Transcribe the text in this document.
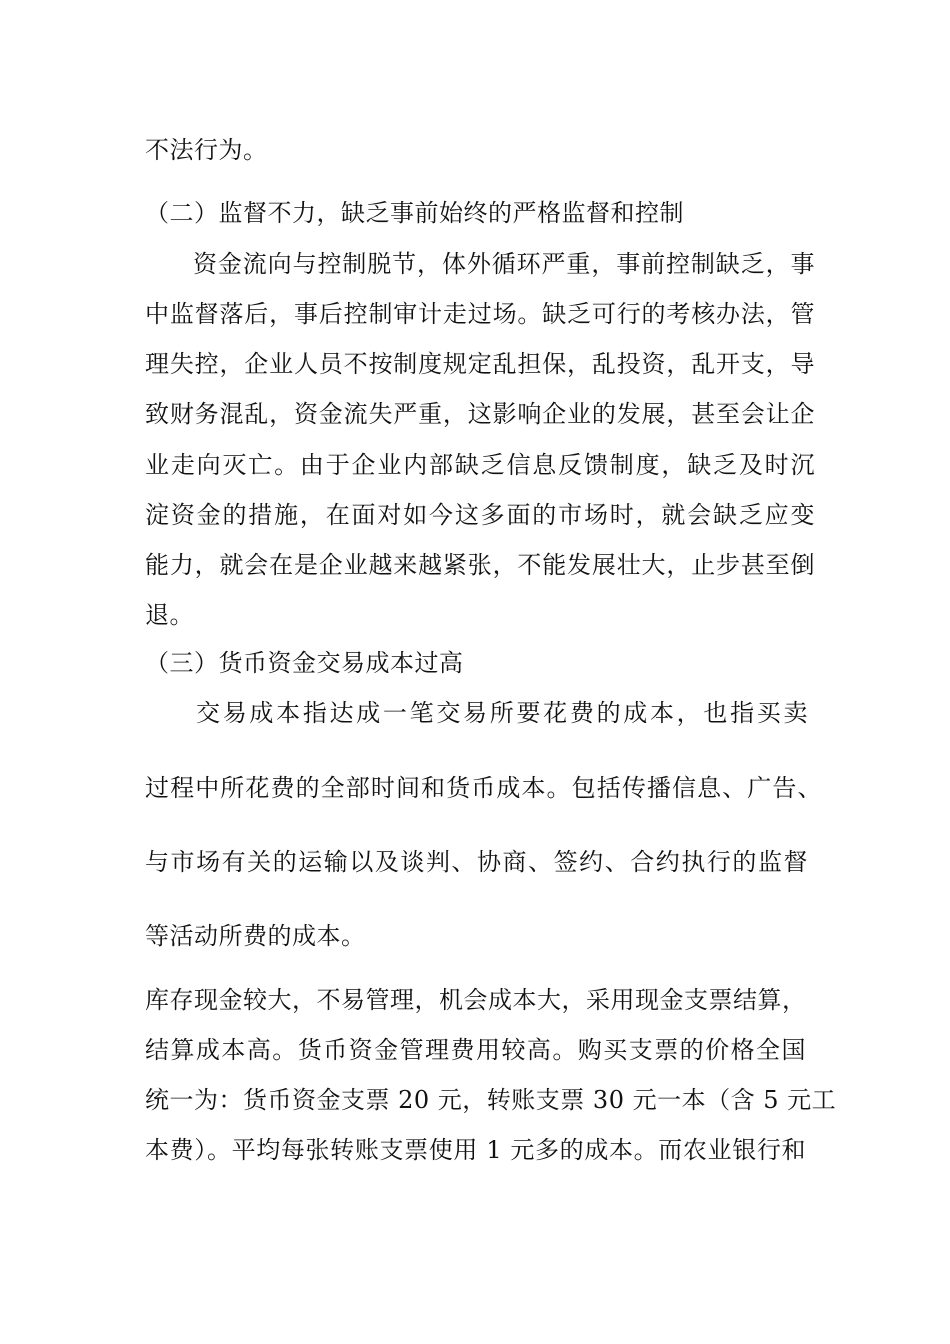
不法行为。
（二）监督不力，缺乏事前始终的严格监督和控制
资金流向与控制脱节，体外循环严重，事前控制缺乏，事
中监督落后，事后控制审计走过场。缺乏可行的考核办法，管
理失控，企业人员不按制度规定乱担保，乱投资，乱开支，导
致财务混乱，资金流失严重，这影响企业的发展，甚至会让企
业走向灭亡。由于企业内部缺乏信息反馈制度，缺乏及时沉
淀资金的措施，在面对如今这多面的市场时，就会缺乏应变
能力，就会在是企业越来越紧张，不能发展壮大，止步甚至倒
退。
（三）货币资金交易成本过高
交易成本指达成一笔交易所要花费的成本，也指买卖
过程中所花费的全部时间和货币成本。包括传播信息、广告、
与市场有关的运输以及谈判、协商、签约、合约执行的监督
等活动所费的成本。
库存现金较大，不易管理，机会成本大，采用现金支票结算，
结算成本高。货币资金管理费用较高。购买支票的价格全国
统一为：货币资金支票 20 元，转账支票 30 元一本（含 5 元工
本费）。平均每张转账支票使用 1 元多的成本。而农业银行和
